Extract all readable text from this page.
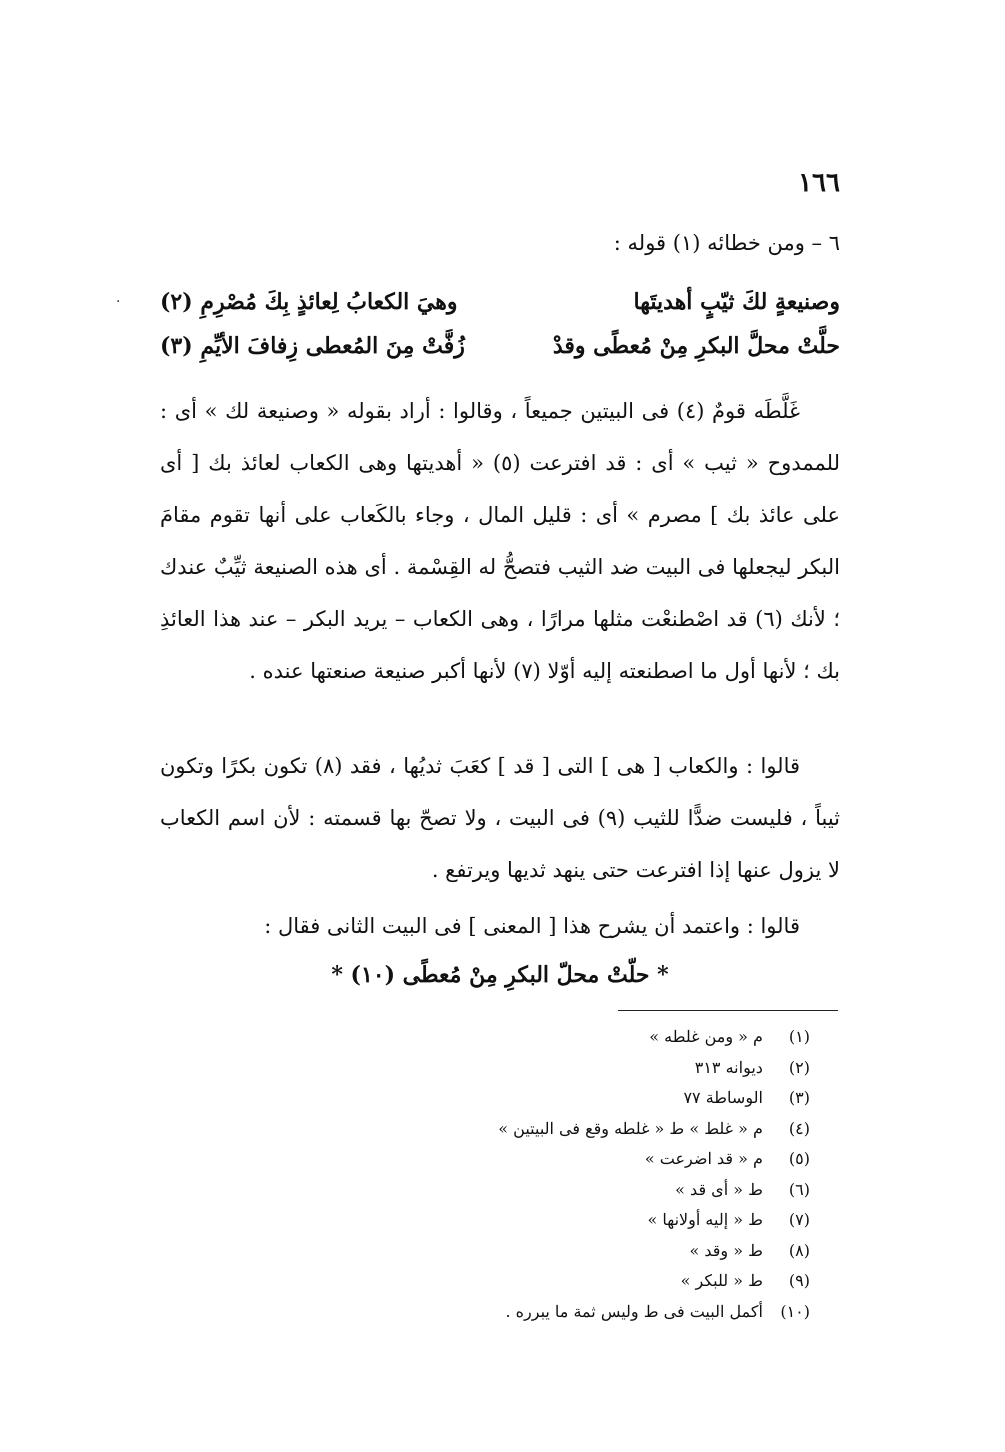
١٦٦
٦ – ومن خطائه (١) قوله :
·	وصنيعةٍ لكَ ثيّبٍ أهديتَها
وهيَ الكعابُ لِعائذٍ بِكَ مُصْرِمِ (٢)
حلَّتْ محلَّ البكرِ مِنْ مُعطًى وقدْ
زُفَّتْ مِنَ المُعطى زِفافَ الأيِّمِ (٣)
غَلَّطَه قومٌ (٤) فى البيتين جميعاً ، وقالوا : أراد بقوله « وصنيعة لك » أى : للممدوح « ثيب » أى : قد افترعت (٥) « أهديتها وهى الكعاب لعائذ بك [ أى على عائذ بك ] مصرم » أى : قليل المال ، وجاء بالكَعاب على أنها تقوم مقامَ البكر ليجعلها فى البيت ضد الثيب فتصحُّ له القِسْمة . أى هذه الصنيعة ثيِّبٌ عندك ؛ لأنك (٦) قد اصْطنعْت مثلها مرارًا ، وهى الكعاب – يريد البكر – عند هذا العائذِ بك ؛ لأنها أول ما اصطنعته إليه أوّلا (٧) لأنها أكبر صنيعة صنعتها عنده .
قالوا : والكعاب [ هى ] التى [ قد ] كعَبَ ثديُها ، فقد (٨) تكون بكرًا وتكون ثيباً ، فليست ضدًّا للثيب (٩) فى البيت ، ولا تصحّ بها قسمته : لأن اسم الكعاب لا يزول عنها إذا افترعت حتى ينهد ثديها ويرتفع .
قالوا : واعتمد أن يشرح هذا [ المعنى ] فى البيت الثانى فقال :
* حلّتْ محلّ البكرِ مِنْ مُعطًى (١٠) *
(١) م « ومن غلطه »
(٢) ديوانه ٣١٣
(٣) الوساطة ٧٧
(٤) م « غلط » ط « غلطه وقع فى البيتين »
(٥) م « قد اضرعت »
(٦) ط « أى قد »
(٧) ط « إليه أولانها »
(٨) ط « وقد »
(٩) ط « للبكر »
(١٠) أكمل البيت فى ط وليس ثمة ما يبرره .
